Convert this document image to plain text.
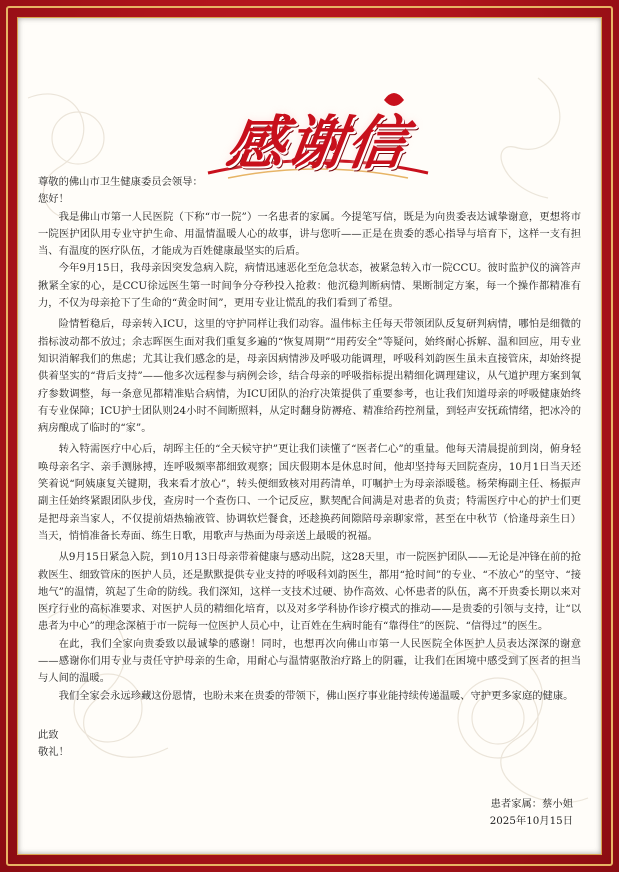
感谢信

尊敬的佛山市卫生健康委员会领导：

您好！

我是佛山市第一人民医院（下称“市一院”）一名患者的家属。今提笔写信，既是为向贵委表达诚挚谢意，更想将市一院医护团队用专业守护生命、用温情温暖人心的故事，讲与您听——正是在贵委的悉心指导与培育下，这样一支有担当、有温度的医疗队伍，才能成为百姓健康最坚实的后盾。

今年9月15日，我母亲因突发急病入院，病情迅速恶化至危急状态，被紧急转入市一院CCU。彼时监护仪的滴答声揪紧全家的心，是CCU徐远医生第一时间争分夺秒投入抢救：他沉稳判断病情、果断制定方案，每一个操作都精准有力，不仅为母亲抢下了生命的“黄金时间”，更用专业让慌乱的我们看到了希望。

险情暂稳后，母亲转入ICU，这里的守护同样让我们动容。温伟标主任每天带领团队反复研判病情，哪怕是细微的指标波动都不放过；余志晖医生面对我们重复多遍的“恢复周期”“用药安全”等疑问，始终耐心拆解、温和回应，用专业知识消解我们的焦虑；尤其让我们感念的是，母亲因病情涉及呼吸功能调理，呼吸科刘韵医生虽未直接管床，却始终提供着坚实的“背后支持”——他多次远程参与病例会诊，结合母亲的呼吸指标提出精细化调理建议，从气道护理方案到氧疗参数调整，每一条意见都精准贴合病情，为ICU团队的治疗决策提供了重要参考，也让我们知道母亲的呼吸健康始终有专业保障；ICU护士团队则24小时不间断照料，从定时翻身防褥疮、精准给药控剂量，到轻声安抚疏情绪，把冰冷的病房酿成了临时的“家”。

转入特需医疗中心后，胡晖主任的“全天候守护”更让我们读懂了“医者仁心”的重量。他每天清晨提前到岗，俯身轻唤母亲名字、亲手测脉搏，连呼吸频率都细致观察；国庆假期本是休息时间，他却坚持每天回院查房，10月1日当天还笑着说“阿姨康复关键期，我来看才放心”，转头便细致核对用药清单，叮嘱护士为母亲添暖毯。杨荣梅副主任、杨振声副主任始终紧跟团队步伐，查房时一个查伤口、一个记反应，默契配合间满是对患者的负责；特需医疗中心的护士们更是把母亲当家人，不仅提前焐热输液管、协调软烂餐食，还趁换药间隙陪母亲聊家常，甚至在中秋节（恰逢母亲生日）当天，悄悄准备长寿面、练生日歌，用歌声与热面为母亲送上最暖的祝福。

从9月15日紧急入院，到10月13日母亲带着健康与感动出院，这28天里，市一院医护团队——无论是冲锋在前的抢救医生、细致管床的医护人员，还是默默提供专业支持的呼吸科刘韵医生，都用“抢时间”的专业、“不放心”的坚守、“接地气”的温情，筑起了生命的防线。我们深知，这样一支技术过硬、协作高效、心怀患者的队伍，离不开贵委长期以来对医疗行业的高标准要求、对医护人员的精细化培育，以及对多学科协作诊疗模式的推动——是贵委的引领与支持，让“以患者为中心”的理念深植于市一院每一位医护人员心中，让百姓在生病时能有“靠得住”的医院、“信得过”的医生。

在此，我们全家向贵委致以最诚挚的感谢！同时，也想再次向佛山市第一人民医院全体医护人员表达深深的谢意——感谢你们用专业与责任守护母亲的生命，用耐心与温情驱散治疗路上的阴霾，让我们在困境中感受到了医者的担当与人间的温暖。

我们全家会永远珍藏这份恩情，也盼未来在贵委的带领下，佛山医疗事业能持续传递温暖、守护更多家庭的健康。

此致

敬礼！

患者家属：蔡小姐
2025年10月15日
